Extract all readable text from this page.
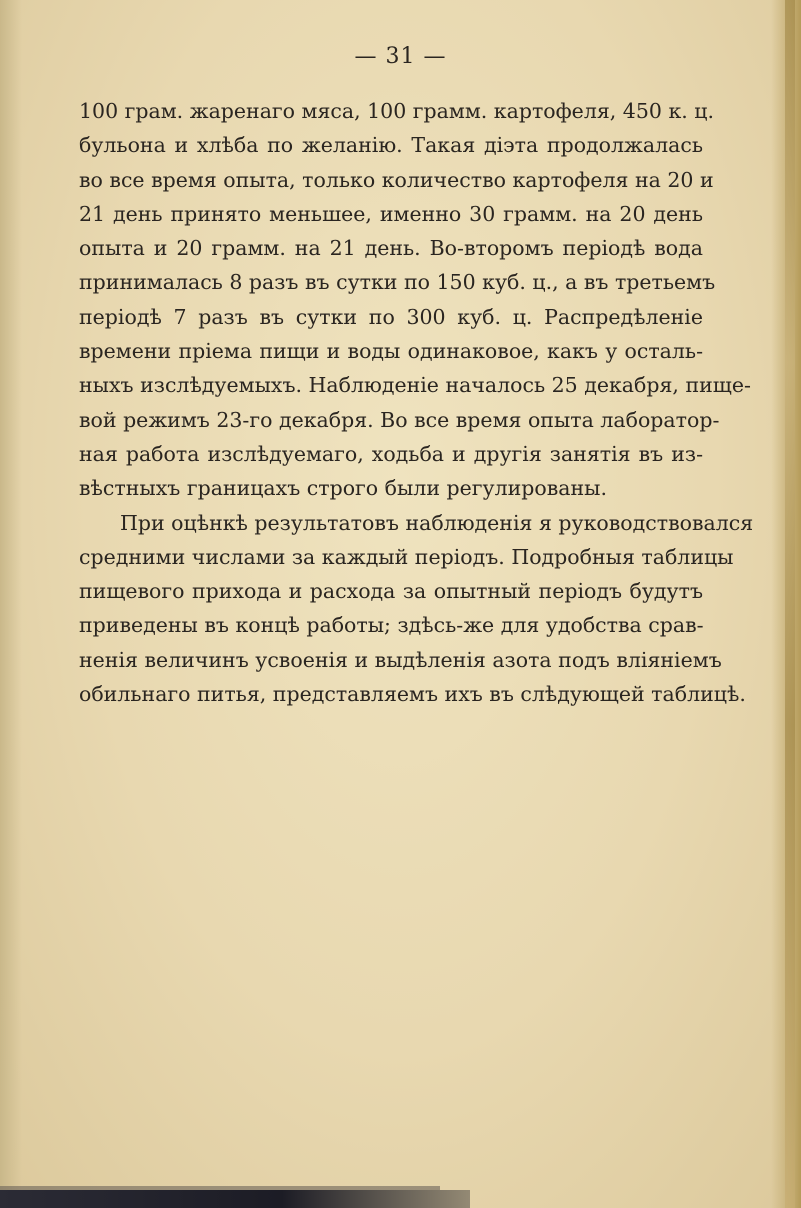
— 31 —
100 грам. жаренаго мяса, 100 грамм. картофеля, 450 к. ц.
бульона и хлѣба по желанію. Такая діэта продолжалась
во все время опыта, только количество картофеля на 20 и
21 день принято меньшее, именно 30 грамм. на 20 день
опыта и 20 грамм. на 21 день. Во-второмъ періодѣ вода
принималась 8 разъ въ сутки по 150 куб. ц., а въ третьемъ
періодѣ 7 разъ въ сутки по 300 куб. ц. Распредѣленіе
времени пріема пищи и воды одинаковое, какъ у осталь-
ныхъ изслѣдуемыхъ. Наблюденіе началось 25 декабря, пище-
вой режимъ 23-го декабря. Во все время опыта лаборатор-
ная работа изслѣдуемаго, ходьба и другія занятія въ из-
вѣстныхъ границахъ строго были регулированы.
При оцѣнкѣ результатовъ наблюденія я руководствовался
средними числами за каждый періодъ. Подробныя таблицы
пищевого прихода и расхода за опытный періодъ будутъ
приведены въ концѣ работы; здѣсь-же для удобства срав-
ненія величинъ усвоенія и выдѣленія азота подъ вліяніемъ
обильнаго питья, представляемъ ихъ въ слѣдующей таблицѣ.
